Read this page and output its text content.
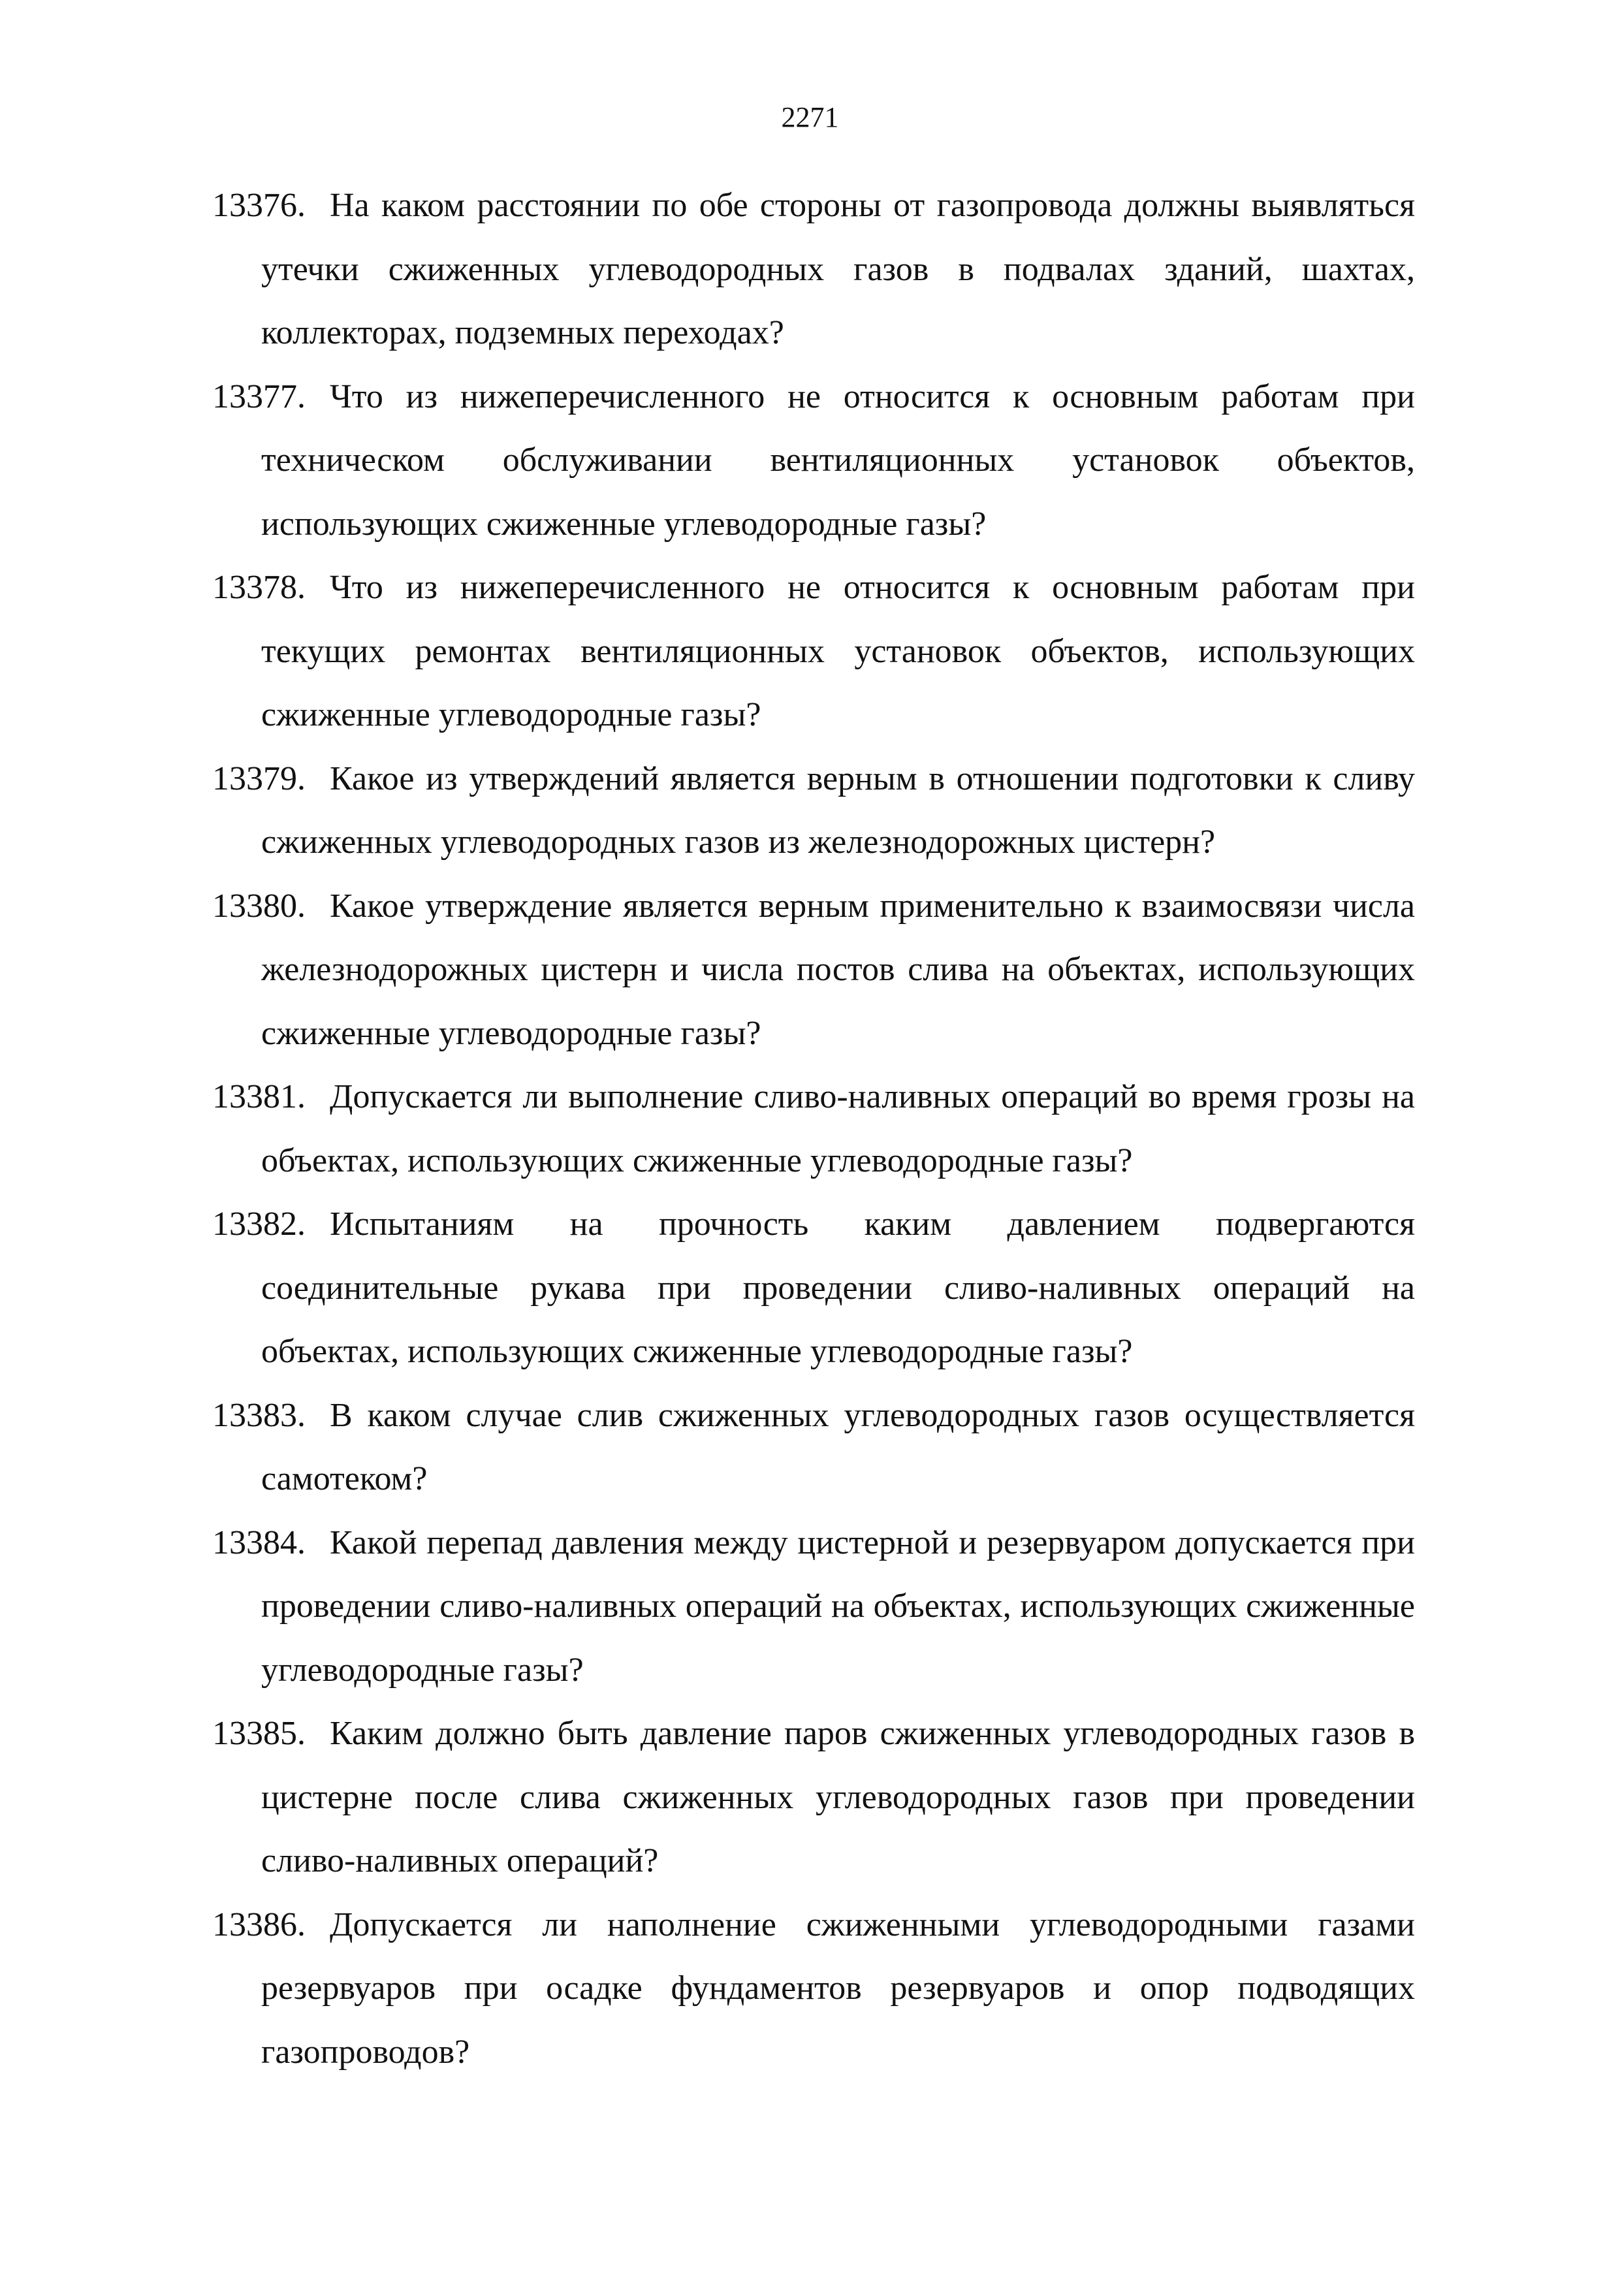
2271
13376. На каком расстоянии по обе стороны от газопровода должны выявляться утечки сжиженных углеводородных газов в подвалах зданий, шахтах, коллекторах, подземных переходах?
13377. Что из нижеперечисленного не относится к основным работам при техническом обслуживании вентиляционных установок объектов, использующих сжиженные углеводородные газы?
13378. Что из нижеперечисленного не относится к основным работам при текущих ремонтах вентиляционных установок объектов, использующих сжиженные углеводородные газы?
13379. Какое из утверждений является верным в отношении подготовки к сливу сжиженных углеводородных газов из железнодорожных цистерн?
13380. Какое утверждение является верным применительно к взаимосвязи числа железнодорожных цистерн и числа постов слива на объектах, использующих сжиженные углеводородные газы?
13381. Допускается ли выполнение сливо-наливных операций во время грозы на объектах, использующих сжиженные углеводородные газы?
13382. Испытаниям на прочность каким давлением подвергаются соединительные рукава при проведении сливо-наливных операций на объектах, использующих сжиженные углеводородные газы?
13383. В каком случае слив сжиженных углеводородных газов осуществляется самотеком?
13384. Какой перепад давления между цистерной и резервуаром допускается при проведении сливо-наливных операций на объектах, использующих сжиженные углеводородные газы?
13385. Каким должно быть давление паров сжиженных углеводородных газов в цистерне после слива сжиженных углеводородных газов при проведении сливо-наливных операций?
13386. Допускается ли наполнение сжиженными углеводородными газами резервуаров при осадке фундаментов резервуаров и опор подводящих газопроводов?
